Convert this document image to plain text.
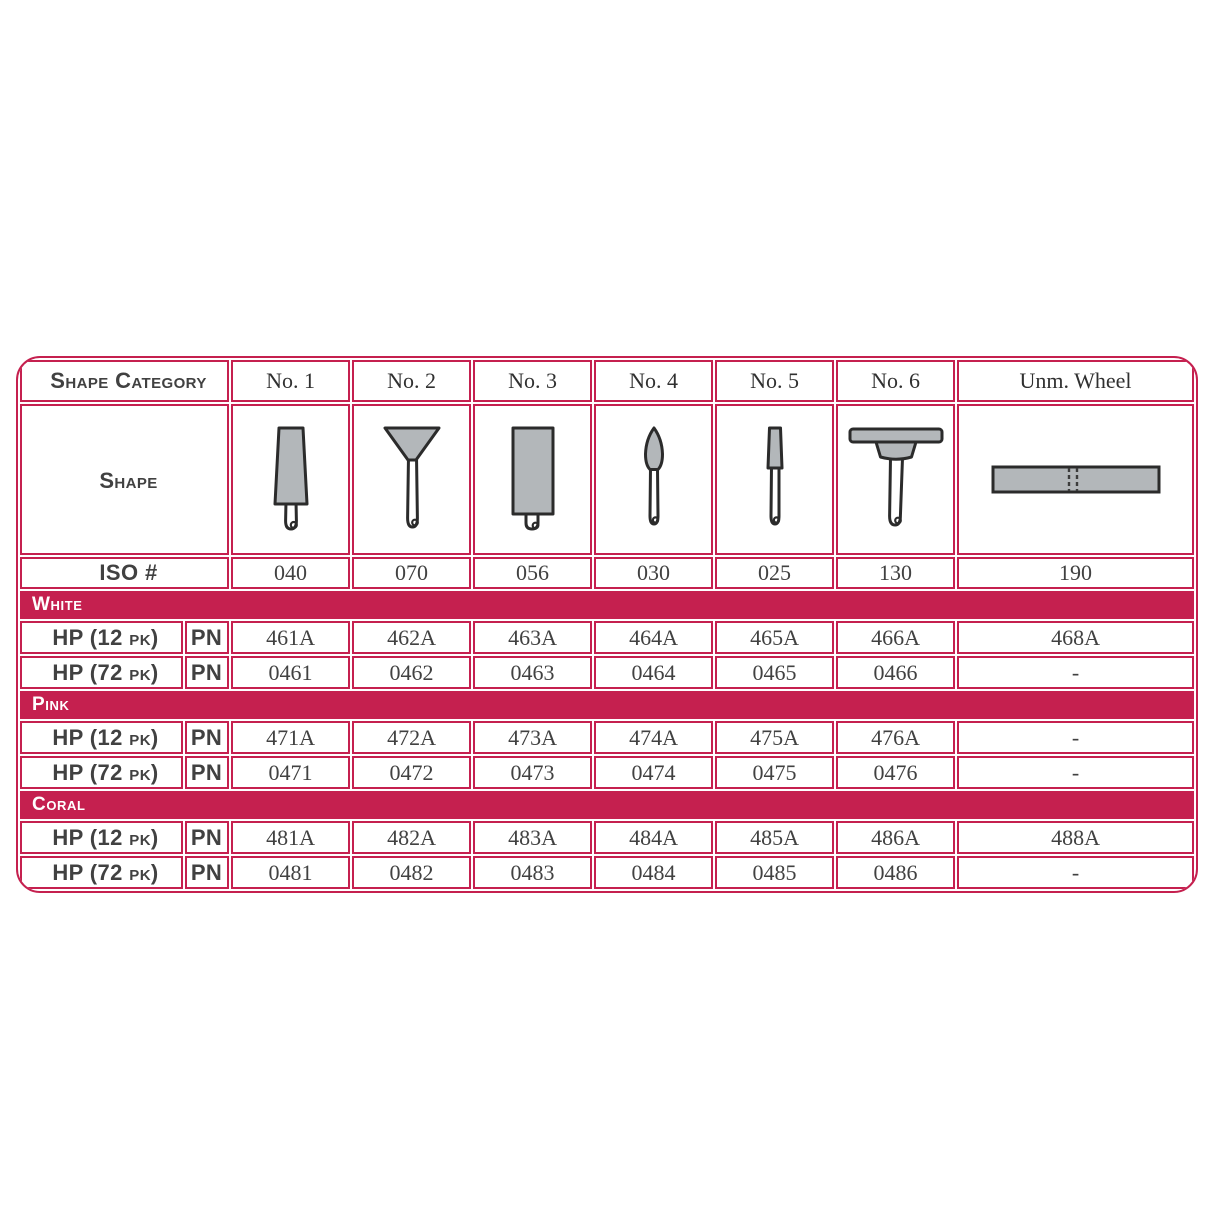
Shape Category		No. 1	No. 2	No. 3	No. 4	No. 5	No. 6	Unm. Wheel
Shape							
ISO #		040	070	056	030	025	130	190
White								
HP (12 pk)	PN	461A	462A	463A	464A	465A	466A	468A
HP (72 pk)	PN	0461	0462	0463	0464	0465	0466	-
Pink								
HP (12 pk)	PN	471A	472A	473A	474A	475A	476A	-
HP (72 pk)	PN	0471	0472	0473	0474	0475	0476	-
Coral								
HP (12 pk)	PN	481A	482A	483A	484A	485A	486A	488A
HP (72 pk)	PN	0481	0482	0483	0484	0485	0486	-
